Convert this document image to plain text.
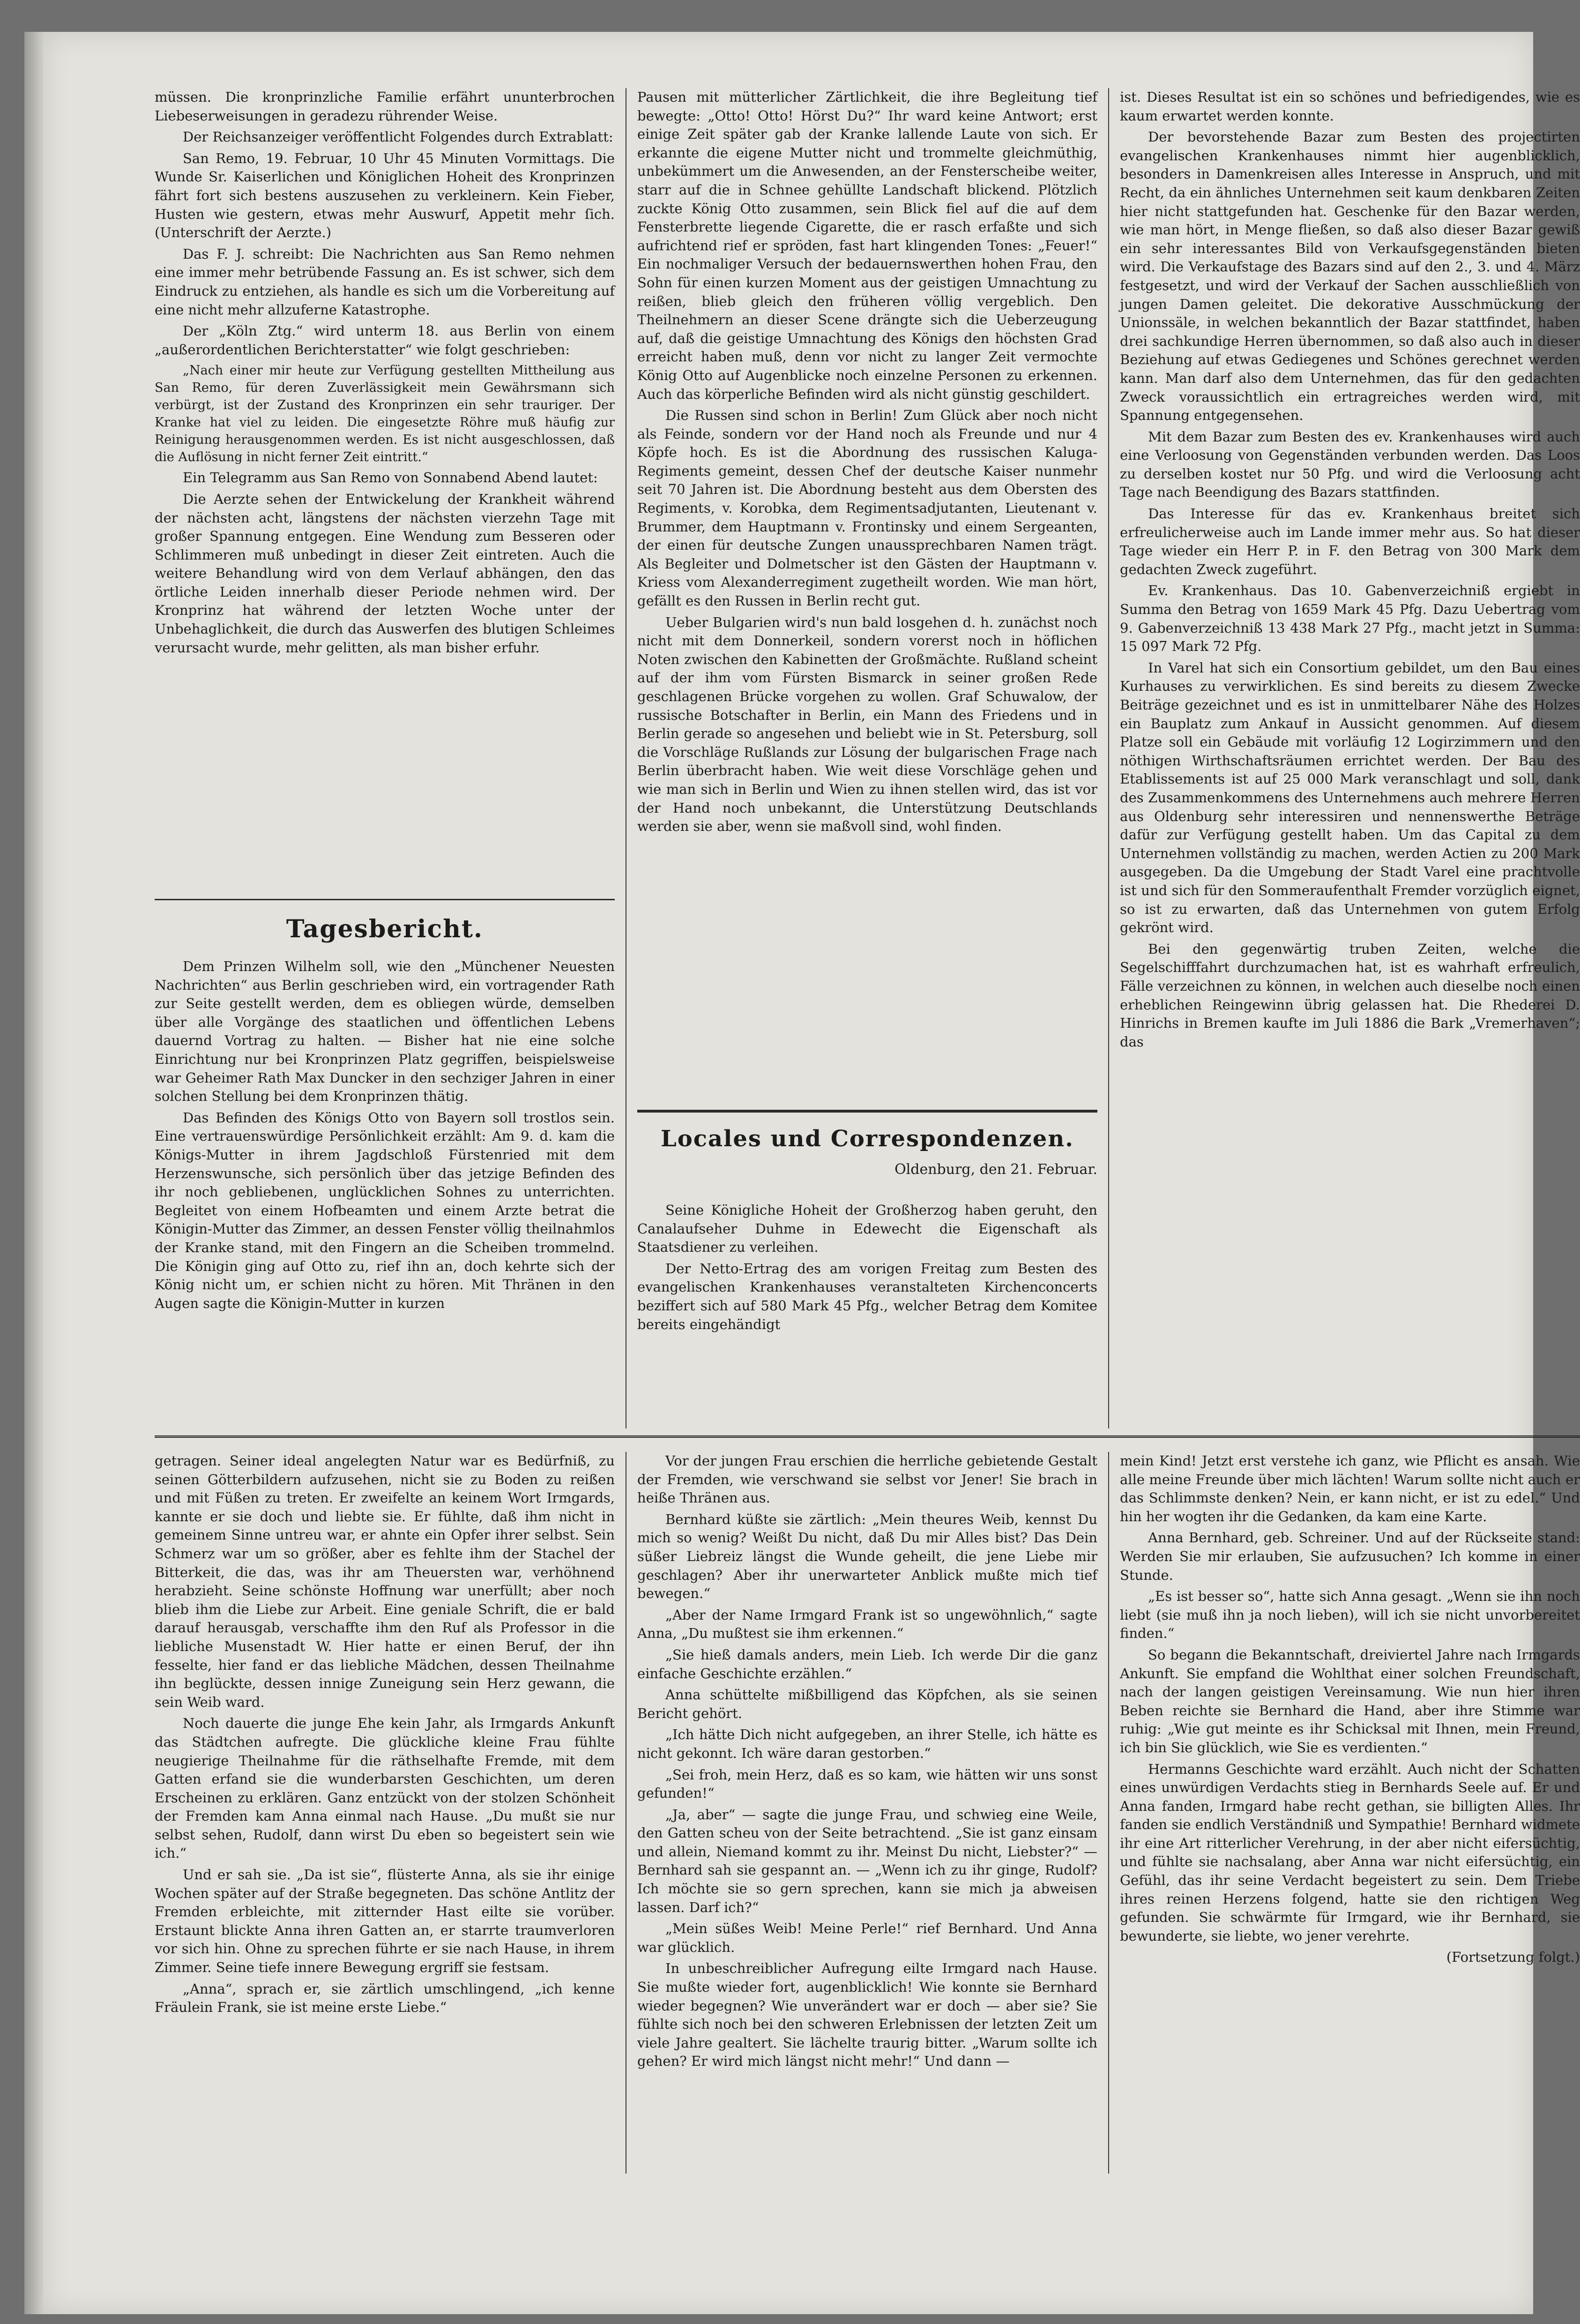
müssen. Die kronprinzliche Familie erfährt ununterbrochen Liebeserweisungen in geradezu rührender Weise.

Der Reichsanzeiger veröffentlicht Folgendes durch Extrablatt:

San Remo, 19. Februar, 10 Uhr 45 Minuten Vormittags. Die Wunde Sr. Kaiserlichen und Königlichen Hoheit des Kronprinzen fährt fort sich bestens auszusehen zu verkleinern. Kein Fieber, Husten wie gestern, etwas mehr Auswurf, Appetit mehr ſich. (Unterschrift der Aerzte.)

Das F. J. schreibt: Die Nachrichten aus San Remo nehmen eine immer mehr betrübende Fassung an. Es ist schwer, sich dem Eindruck zu entziehen, als handle es sich um die Vorbereitung auf eine nicht mehr allzuferne Katastrophe.

Der „Köln Ztg.“ wird unterm 18. aus Berlin von einem „außerordentlichen Berichterstatter“ wie folgt geschrieben:

„Nach einer mir heute zur Verfügung gestellten Mittheilung aus San Remo, für deren Zuverlässigkeit mein Gewährsmann sich verbürgt, ist der Zustand des Kronprinzen ein sehr trauriger. Der Kranke hat viel zu leiden. Die eingesetzte Röhre muß häufig zur Reinigung herausgenommen werden. Es ist nicht ausgeschlossen, daß die Auflösung in nicht ferner Zeit eintritt.“

Ein Telegramm aus San Remo von Sonnabend Abend lautet:

Die Aerzte sehen der Entwickelung der Krankheit während der nächsten acht, längstens der nächsten vierzehn Tage mit großer Spannung entgegen. Eine Wendung zum Besseren oder Schlimmeren muß unbedingt in dieser Zeit eintreten. Auch die weitere Behandlung wird von dem Verlauf abhängen, den das örtliche Leiden innerhalb dieser Periode nehmen wird. Der Kronprinz hat während der letzten Woche unter der Unbehaglichkeit, die durch das Auswerfen des blutigen Schleimes verursacht wurde, mehr gelitten, als man bisher erfuhr.

Tagesbericht.

Dem Prinzen Wilhelm soll, wie den „Münchener Neuesten Nachrichten“ aus Berlin geschrieben wird, ein vortragender Rath zur Seite gestellt werden, dem es obliegen würde, demselben über alle Vorgänge des staatlichen und öffentlichen Lebens dauernd Vortrag zu halten. — Bisher hat nie eine solche Einrichtung nur bei Kronprinzen Platz gegriffen, beispielsweise war Geheimer Rath Max Duncker in den sechziger Jahren in einer solchen Stellung bei dem Kronprinzen thätig.

Das Befinden des Königs Otto von Bayern soll trostlos sein. Eine vertrauenswürdige Persönlichkeit erzählt: Am 9. d. kam die Königs-Mutter in ihrem Jagdschloß Fürstenried mit dem Herzenswunsche, sich persönlich über das jetzige Befinden des ihr noch gebliebenen, unglücklichen Sohnes zu unterrichten. Begleitet von einem Hofbeamten und einem Arzte betrat die Königin-Mutter das Zimmer, an dessen Fenster völlig theilnahmlos der Kranke stand, mit den Fingern an die Scheiben trommelnd. Die Königin ging auf Otto zu, rief ihn an, doch kehrte sich der König nicht um, er schien nicht zu hören. Mit Thränen in den Augen sagte die Königin-Mutter in kurzen

Pausen mit mütterlicher Zärtlichkeit, die ihre Begleitung tief bewegte: „Otto! Otto! Hörst Du?“ Ihr ward keine Antwort; erst einige Zeit später gab der Kranke lallende Laute von sich. Er erkannte die eigene Mutter nicht und trommelte gleichmüthig, unbekümmert um die Anwesenden, an der Fensterscheibe weiter, starr auf die in Schnee gehüllte Landschaft blickend. Plötzlich zuckte König Otto zusammen, sein Blick fiel auf die auf dem Fensterbrette liegende Cigarette, die er rasch erfaßte und sich aufrichtend rief er spröden, fast hart klingenden Tones: „Feuer!“ Ein nochmaliger Versuch der bedauernswerthen hohen Frau, den Sohn für einen kurzen Moment aus der geistigen Umnachtung zu reißen, blieb gleich den früheren völlig vergeblich. Den Theilnehmern an dieser Scene drängte sich die Ueberzeugung auf, daß die geistige Umnachtung des Königs den höchsten Grad erreicht haben muß, denn vor nicht zu langer Zeit vermochte König Otto auf Augenblicke noch einzelne Personen zu erkennen. Auch das körperliche Befinden wird als nicht günstig geschildert.

Die Russen sind schon in Berlin! Zum Glück aber noch nicht als Feinde, sondern vor der Hand noch als Freunde und nur 4 Köpfe hoch. Es ist die Abordnung des russischen Kaluga-Regiments gemeint, dessen Chef der deutsche Kaiser nunmehr seit 70 Jahren ist. Die Abordnung besteht aus dem Obersten des Regiments, v. Korobka, dem Regimentsadjutanten, Lieutenant v. Brummer, dem Hauptmann v. Frontinsky und einem Sergeanten, der einen für deutsche Zungen unaussprechbaren Namen trägt. Als Begleiter und Dolmetscher ist den Gästen der Hauptmann v. Kriess vom Alexanderregiment zugetheilt worden. Wie man hört, gefällt es den Russen in Berlin recht gut.

Ueber Bulgarien wird's nun bald losgehen d. h. zunächst noch nicht mit dem Donnerkeil, sondern vorerst noch in höflichen Noten zwischen den Kabinetten der Großmächte. Rußland scheint auf der ihm vom Fürsten Bismarck in seiner großen Rede geschlagenen Brücke vorgehen zu wollen. Graf Schuwalow, der russische Botschafter in Berlin, ein Mann des Friedens und in Berlin gerade so angesehen und beliebt wie in St. Petersburg, soll die Vorschläge Rußlands zur Lösung der bulgarischen Frage nach Berlin überbracht haben. Wie weit diese Vorschläge gehen und wie man sich in Berlin und Wien zu ihnen stellen wird, das ist vor der Hand noch unbekannt, die Unterstützung Deutschlands werden sie aber, wenn sie maßvoll sind, wohl finden.

Locales und Correspondenzen.
Oldenburg, den 21. Februar.

Seine Königliche Hoheit der Großherzog haben geruht, den Canalaufseher Duhme in Edewecht die Eigenschaft als Staatsdiener zu verleihen.

Der Netto-Ertrag des am vorigen Freitag zum Besten des evangelischen Krankenhauses veranstalteten Kirchenconcerts beziffert sich auf 580 Mark 45 Pfg., welcher Betrag dem Komitee bereits eingehändigt

ist. Dieses Resultat ist ein so schönes und befriedigendes, wie es kaum erwartet werden konnte.

Der bevorstehende Bazar zum Besten des projectirten evangelischen Krankenhauses nimmt hier augenblicklich, besonders in Damenkreisen alles Interesse in Anspruch, und mit Recht, da ein ähnliches Unternehmen seit kaum denkbaren Zeiten hier nicht stattgefunden hat. Geschenke für den Bazar werden, wie man hört, in Menge fließen, so daß also dieser Bazar gewiß ein sehr interessantes Bild von Verkaufsgegenständen bieten wird. Die Verkaufstage des Bazars sind auf den 2., 3. und 4. März festgesetzt, und wird der Verkauf der Sachen ausschließlich von jungen Damen geleitet. Die dekorative Ausschmückung der Unionssäle, in welchen bekanntlich der Bazar stattfindet, haben drei sachkundige Herren übernommen, so daß also auch in dieser Beziehung auf etwas Gediegenes und Schönes gerechnet werden kann. Man darf also dem Unternehmen, das für den gedachten Zweck voraussichtlich ein ertragreiches werden wird, mit Spannung entgegensehen.

Mit dem Bazar zum Besten des ev. Krankenhauses wird auch eine Verloosung von Gegenständen verbunden werden. Das Loos zu derselben kostet nur 50 Pfg. und wird die Verloosung acht Tage nach Beendigung des Bazars stattfinden.

Das Interesse für das ev. Krankenhaus breitet sich erfreulicherweise auch im Lande immer mehr aus. So hat dieser Tage wieder ein Herr P. in F. den Betrag von 300 Mark dem gedachten Zweck zugeführt.

Ev. Krankenhaus. Das 10. Gabenverzeichniß ergiebt in Summa den Betrag von 1659 Mark 45 Pfg. Dazu Uebertrag vom 9. Gabenverzeichniß 13 438 Mark 27 Pfg., macht jetzt in Summa: 15 097 Mark 72 Pfg.

In Varel hat sich ein Consortium gebildet, um den Bau eines Kurhauses zu verwirklichen. Es sind bereits zu diesem Zwecke Beiträge gezeichnet und es ist in unmittelbarer Nähe des Holzes ein Bauplatz zum Ankauf in Aussicht genommen. Auf diesem Platze soll ein Gebäude mit vorläufig 12 Logirzimmern und den nöthigen Wirthschaftsräumen errichtet werden. Der Bau des Etablissements ist auf 25 000 Mark veranschlagt und soll, dank des Zusammenkommens des Unternehmens auch mehrere Herren aus Oldenburg sehr interessiren und nennenswerthe Beträge dafür zur Verfügung gestellt haben. Um das Capital zu dem Unternehmen vollständig zu machen, werden Actien zu 200 Mark ausgegeben. Da die Umgebung der Stadt Varel eine prachtvolle ist und sich für den Sommeraufenthalt Fremder vorzüglich eignet, so ist zu erwarten, daß das Unternehmen von gutem Erfolg gekrönt wird.

Bei den gegenwärtig truben Zeiten, welche die Segelschifffahrt durchzumachen hat, ist es wahrhaft erfreulich, Fälle verzeichnen zu können, in welchen auch dieselbe noch einen erheblichen Reingewinn übrig gelassen hat. Die Rhederei D. Hinrichs in Bremen kaufte im Juli 1886 die Bark „Vremerhaven“; das

getragen. Seiner ideal angelegten Natur war es Bedürfniß, zu seinen Götterbildern aufzusehen, nicht sie zu Boden zu reißen und mit Füßen zu treten. Er zweifelte an keinem Wort Irmgards, kannte er sie doch und liebte sie. Er fühlte, daß ihm nicht in gemeinem Sinne untreu war, er ahnte ein Opfer ihrer selbst. Sein Schmerz war um so größer, aber es fehlte ihm der Stachel der Bitterkeit, die das, was ihr am Theuersten war, verhöhnend herabzieht. Seine schönste Hoffnung war unerfüllt; aber noch blieb ihm die Liebe zur Arbeit. Eine geniale Schrift, die er bald darauf herausgab, verschaffte ihm den Ruf als Professor in die liebliche Musenstadt W. Hier hatte er einen Beruf, der ihn fesselte, hier fand er das liebliche Mädchen, dessen Theilnahme ihn beglückte, dessen innige Zuneigung sein Herz gewann, die sein Weib ward.

Noch dauerte die junge Ehe kein Jahr, als Irmgards Ankunft das Städtchen aufregte. Die glückliche kleine Frau fühlte neugierige Theilnahme für die räthselhafte Fremde, mit dem Gatten erfand sie die wunderbarsten Geschichten, um deren Erscheinen zu erklären. Ganz entzückt von der stolzen Schönheit der Fremden kam Anna einmal nach Hause. „Du mußt sie nur selbst sehen, Rudolf, dann wirst Du eben so begeistert sein wie ich.“

Und er sah sie. „Da ist sie“, flüsterte Anna, als sie ihr einige Wochen später auf der Straße begegneten. Das schöne Antlitz der Fremden erbleichte, mit zitternder Hast eilte sie vorüber. Erstaunt blickte Anna ihren Gatten an, er starrte traumverloren vor sich hin. Ohne zu sprechen führte er sie nach Hause, in ihrem Zimmer. Seine tiefe innere Bewegung ergriff sie festsam.

„Anna“, sprach er, sie zärtlich umschlingend, „ich kenne Fräulein Frank, sie ist meine erste Liebe.“

Vor der jungen Frau erschien die herrliche gebietende Gestalt der Fremden, wie verschwand sie selbst vor Jener! Sie brach in heiße Thränen aus.

Bernhard küßte sie zärtlich: „Mein theures Weib, kennst Du mich so wenig? Weißt Du nicht, daß Du mir Alles bist? Das Dein süßer Liebreiz längst die Wunde geheilt, die jene Liebe mir geschlagen? Aber ihr unerwarteter Anblick mußte mich tief bewegen.“

„Aber der Name Irmgard Frank ist so ungewöhnlich,“ sagte Anna, „Du mußtest sie ihm erkennen.“

„Sie hieß damals anders, mein Lieb. Ich werde Dir die ganz einfache Geschichte erzählen.“

Anna schüttelte mißbilligend das Köpfchen, als sie seinen Bericht gehört.

„Ich hätte Dich nicht aufgegeben, an ihrer Stelle, ich hätte es nicht gekonnt. Ich wäre daran gestorben.“

„Sei froh, mein Herz, daß es so kam, wie hätten wir uns sonst gefunden!“

„Ja, aber“ — sagte die junge Frau, und schwieg eine Weile, den Gatten scheu von der Seite betrachtend. „Sie ist ganz einsam und allein, Niemand kommt zu ihr. Meinst Du nicht, Liebster?“ — Bernhard sah sie gespannt an. — „Wenn ich zu ihr ginge, Rudolf? Ich möchte sie so gern sprechen, kann sie mich ja abweisen lassen. Darf ich?“

„Mein süßes Weib! Meine Perle!“ rief Bernhard. Und Anna war glücklich.

In unbeschreiblicher Aufregung eilte Irmgard nach Hause. Sie mußte wieder fort, augenblicklich! Wie konnte sie Bernhard wieder begegnen? Wie unverändert war er doch — aber sie? Sie fühlte sich noch bei den schweren Erlebnissen der letzten Zeit um viele Jahre gealtert. Sie lächelte traurig bitter. „Warum sollte ich gehen? Er wird mich längst nicht mehr!“ Und dann —

mein Kind! Jetzt erst verstehe ich ganz, wie Pflicht es ansah. Wie alle meine Freunde über mich lächten! Warum sollte nicht auch er das Schlimmste denken? Nein, er kann nicht, er ist zu edel.“ Und hin her wogten ihr die Gedanken, da kam eine Karte.

Anna Bernhard, geb. Schreiner. Und auf der Rückseite stand: Werden Sie mir erlauben, Sie aufzusuchen? Ich komme in einer Stunde.

„Es ist besser so“, hatte sich Anna gesagt. „Wenn sie ihn noch liebt (sie muß ihn ja noch lieben), will ich sie nicht unvorbereitet finden.“

So begann die Bekanntschaft, dreiviertel Jahre nach Irmgards Ankunft. Sie empfand die Wohlthat einer solchen Freundschaft, nach der langen geistigen Vereinsamung. Wie nun hier ihren Beben reichte sie Bernhard die Hand, aber ihre Stimme war ruhig: „Wie gut meinte es ihr Schicksal mit Ihnen, mein Freund, ich bin Sie glücklich, wie Sie es verdienten.“

Hermanns Geschichte ward erzählt. Auch nicht der Schatten eines unwürdigen Verdachts stieg in Bernhards Seele auf. Er und Anna fanden, Irmgard habe recht gethan, sie billigten Alles. Ihr fanden sie endlich Verständniß und Sympathie! Bernhard widmete ihr eine Art ritterlicher Verehrung, in der aber nicht eifersüchtig, und fühlte sie nachsalang, aber Anna war nicht eifersüchtig, ein Gefühl, das ihr seine Verdacht begeistert zu sein. Dem Triebe ihres reinen Herzens folgend, hatte sie den richtigen Weg gefunden. Sie schwärmte für Irmgard, wie ihr Bernhard, sie bewunderte, sie liebte, wo jener verehrte.

(Fortsetzung folgt.)
